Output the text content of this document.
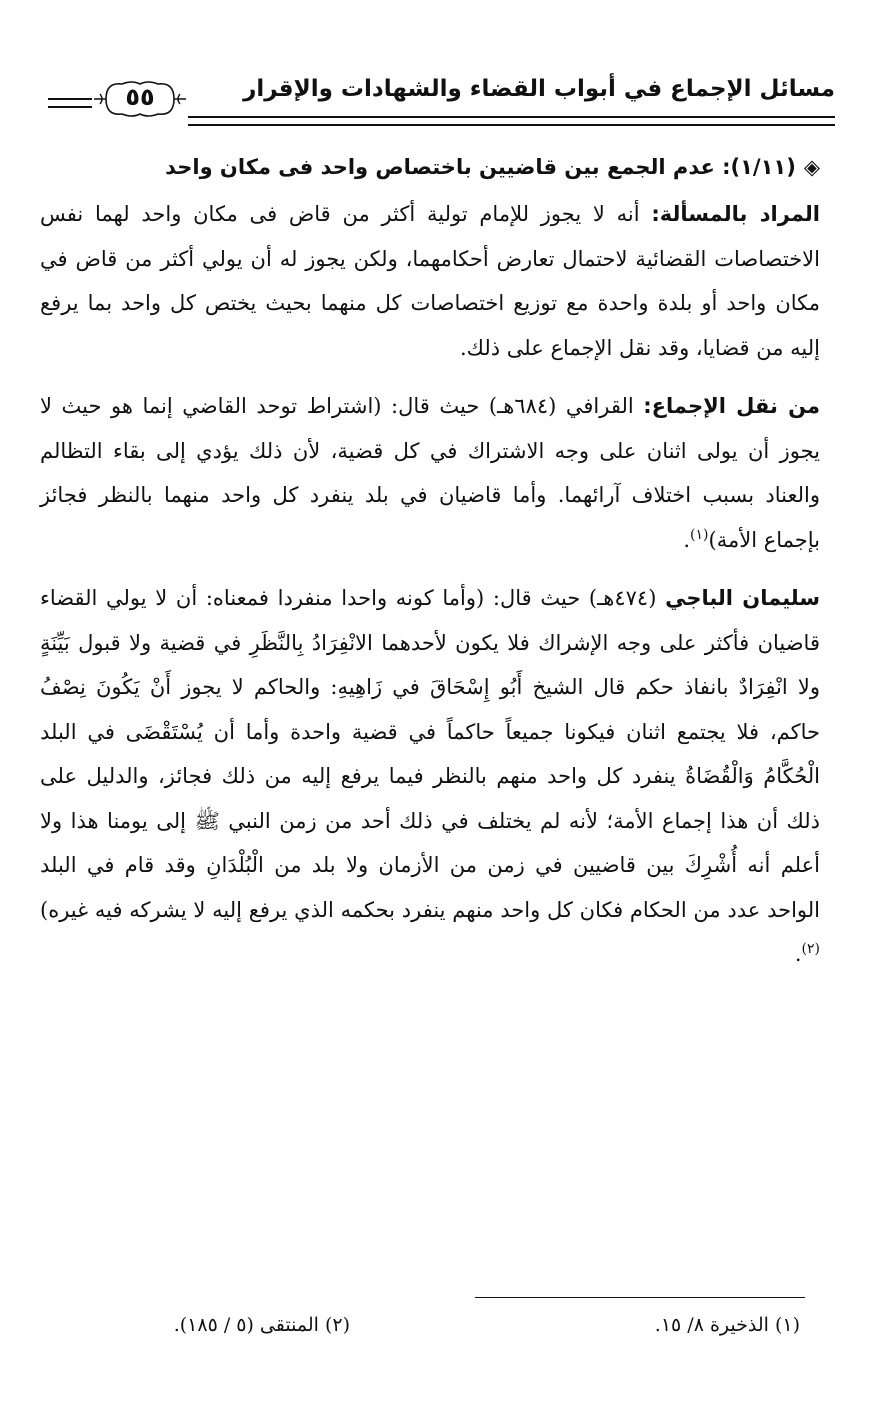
مسائل الإجماع في أبواب القضاء والشهادات والإقرار
٥٥
◈(١/١١): عدم الجمع بين قاضيين باختصاص واحد فى مكان واحد

المراد بالمسألة: أنه لا يجوز للإمام تولية أكثر من قاض فى مكان واحد لهما نفس الاختصاصات القضائية لاحتمال تعارض أحكامهما، ولكن يجوز له أن يولي أكثر من قاض في مكان واحد أو بلدة واحدة مع توزيع اختصاصات كل منهما بحيث يختص كل واحد بما يرفع إليه من قضايا، وقد نقل الإجماع على ذلك.

من نقل الإجماع: القرافي (٦٨٤هـ) حيث قال: (اشتراط توحد القاضي إنما هو حيث لا يجوز أن يولى اثنان على وجه الاشتراك في كل قضية، لأن ذلك يؤدي إلى بقاء التظالم والعناد بسبب اختلاف آرائهما. وأما قاضيان في بلد ينفرد كل واحد منهما بالنظر فجائز بإجماع الأمة)$^{(١)}$.

سليمان الباجي (٤٧٤هـ) حيث قال: (وأما كونه واحدا منفردا فمعناه: أن لا يولي القضاء قاضيان فأكثر على وجه الإشراك فلا يكون لأحدهما الانْفِرَادُ بِالنَّظَرِ في قضية ولا قبول بَيِّنَةٍ ولا انْفِرَادٌ بانفاذ حكم قال الشيخ أَبُو إِسْحَاقَ في زَاهِيهِ: والحاكم لا يجوز أَنْ يَكُونَ نِصْفُ حاكم، فلا يجتمع اثنان فيكونا جميعاً حاكماً في قضية واحدة وأما أن يُسْتَقْضَى في البلد الْحُكَّامُ وَالْقُضَاةُ ينفرد كل واحد منهم بالنظر فيما يرفع إليه من ذلك فجائز، والدليل على ذلك أن هذا إجماع الأمة؛ لأنه لم يختلف في ذلك أحد من زمن النبي ﷺ إلى يومنا هذا ولا أعلم أنه أُشْرِكَ بين قاضيين في زمن من الأزمان ولا بلد من الْبُلْدَانِ وقد قام في البلد الواحد عدد من الحكام فكان كل واحد منهم ينفرد بحكمه الذي يرفع إليه لا يشركه فيه غيره)$^{(٢)}$.

(١) الذخيرة ٨/ ١٥.
(٢) المنتقى (٥ / ١٨٥).
